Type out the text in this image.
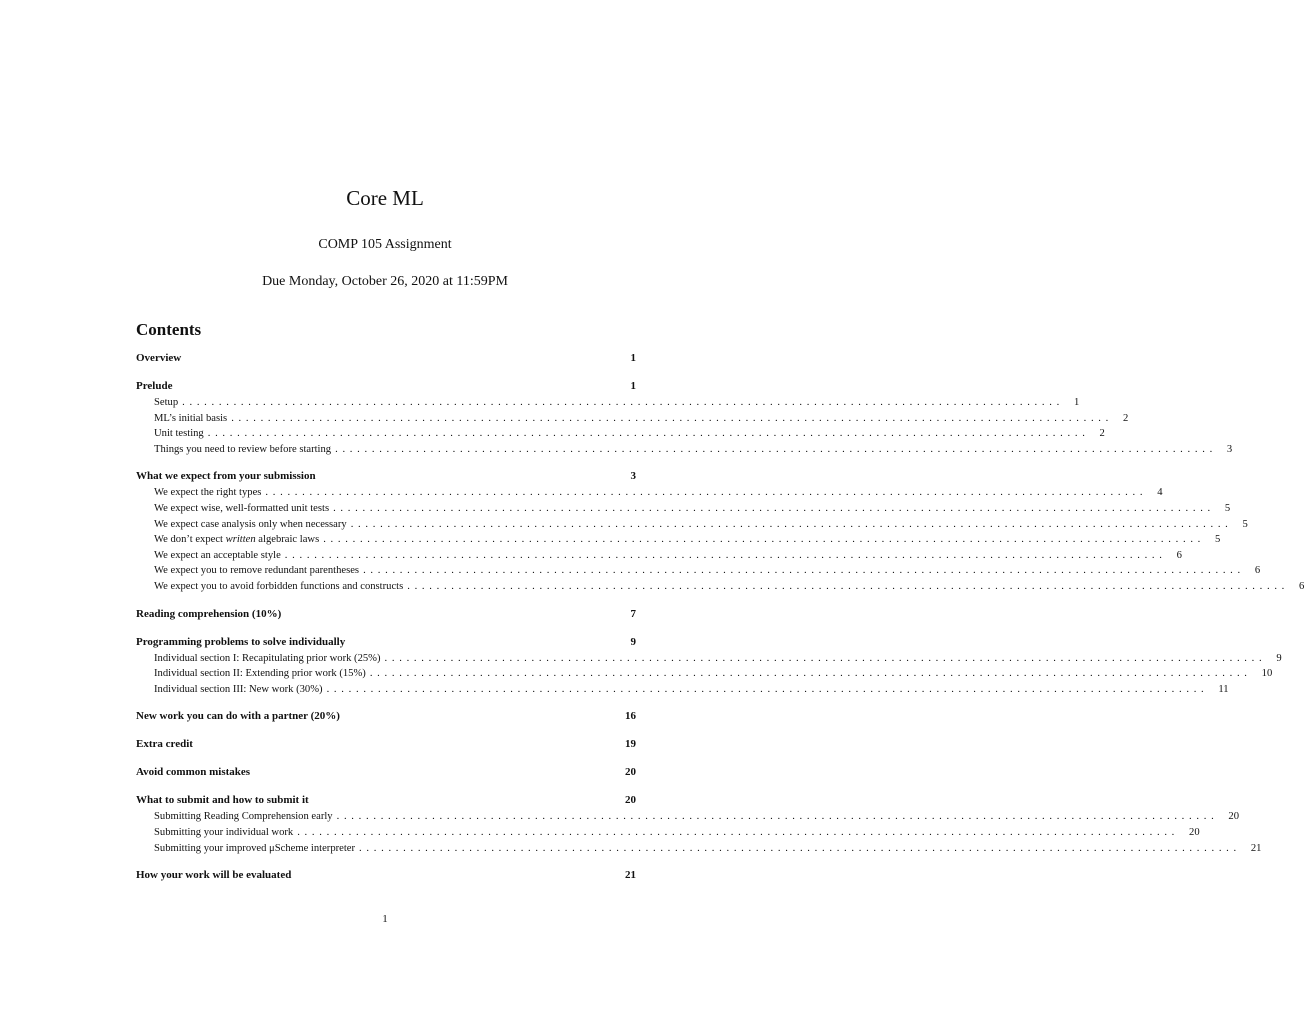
Core ML
COMP 105 Assignment
Due Monday, October 26, 2020 at 11:59PM
Contents
Overview	1
Prelude	1
Setup ........................................................................................................................ 1
ML’s initial basis ........................................................................................................................ 2
Unit testing ........................................................................................................................ 2
Things you need to review before starting ........................................................................................................................ 3
What we expect from your submission	3
We expect the right types ........................................................................................................................ 4
We expect wise, well-formatted unit tests ........................................................................................................................ 5
We expect case analysis only when necessary ........................................................................................................................ 5
We don’t expect written algebraic laws ........................................................................................................................ 5
We expect an acceptable style ........................................................................................................................ 6
We expect you to remove redundant parentheses ........................................................................................................................ 6
We expect you to avoid forbidden functions and constructs ........................................................................................................................ 6
Reading comprehension (10%)	7
Programming problems to solve individually	9
Individual section I: Recapitulating prior work (25%) ........................................................................................................................ 9
Individual section II: Extending prior work (15%) ........................................................................................................................ 10
Individual section III: New work (30%) ........................................................................................................................ 11
New work you can do with a partner (20%)	16
Extra credit	19
Avoid common mistakes	20
What to submit and how to submit it	20
Submitting Reading Comprehension early ........................................................................................................................ 20
Submitting your individual work ........................................................................................................................ 20
Submitting your improved μScheme interpreter ........................................................................................................................ 21
How your work will be evaluated	21
1
